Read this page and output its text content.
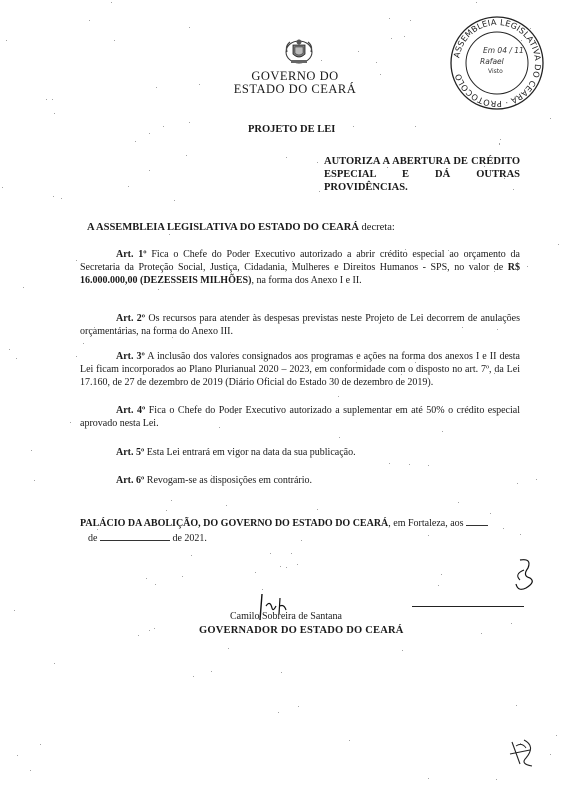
GOVERNO DO
ESTADO DO CEARÁ
ASSEMBLEIA LEGISLATIVA DO CEARÁ · PROTOCOLO
Em 04 / 11
Rafael
Visto
PROJETO DE LEI
AUTORIZA A ABERTURA DE CRÉDITO ESPECIAL E DÁ OUTRAS PROVIDÊNCIAS.
A ASSEMBLEIA LEGISLATIVA DO ESTADO DO CEARÁ decreta:
Art. 1º Fica o Chefe do Poder Executivo autorizado a abrir crédito especial ao orçamento da Secretaria da Proteção Social, Justiça, Cidadania, Mulheres e Direitos Humanos - SPS, no valor de R$ 16.000.000,00 (DEZESSEIS MILHÕES), na forma dos Anexo I e II.
Art. 2º Os recursos para atender às despesas previstas neste Projeto de Lei decorrem de anulações orçamentárias, na forma do Anexo III.
Art. 3º A inclusão dos valores consignados aos programas e ações na forma dos anexos I e II desta Lei ficam incorporados ao Plano Plurianual 2020 – 2023, em conformidade com o disposto no art. 7º, da Lei 17.160, de 27 de dezembro de 2019 (Diário Oficial do Estado 30 de dezembro de 2019).
Art. 4º Fica o Chefe do Poder Executivo autorizado a suplementar em até 50% o crédito especial aprovado nesta Lei.
Art. 5º Esta Lei entrará em vigor na data da sua publicação.
Art. 6º Revogam-se as disposições em contrário.
PALÁCIO DA ABOLIÇÃO, DO GOVERNO DO ESTADO DO CEARÁ, em Fortaleza, aos
de	de 2021.
Camilo Sobreira de Santana
GOVERNADOR DO ESTADO DO CEARÁ
